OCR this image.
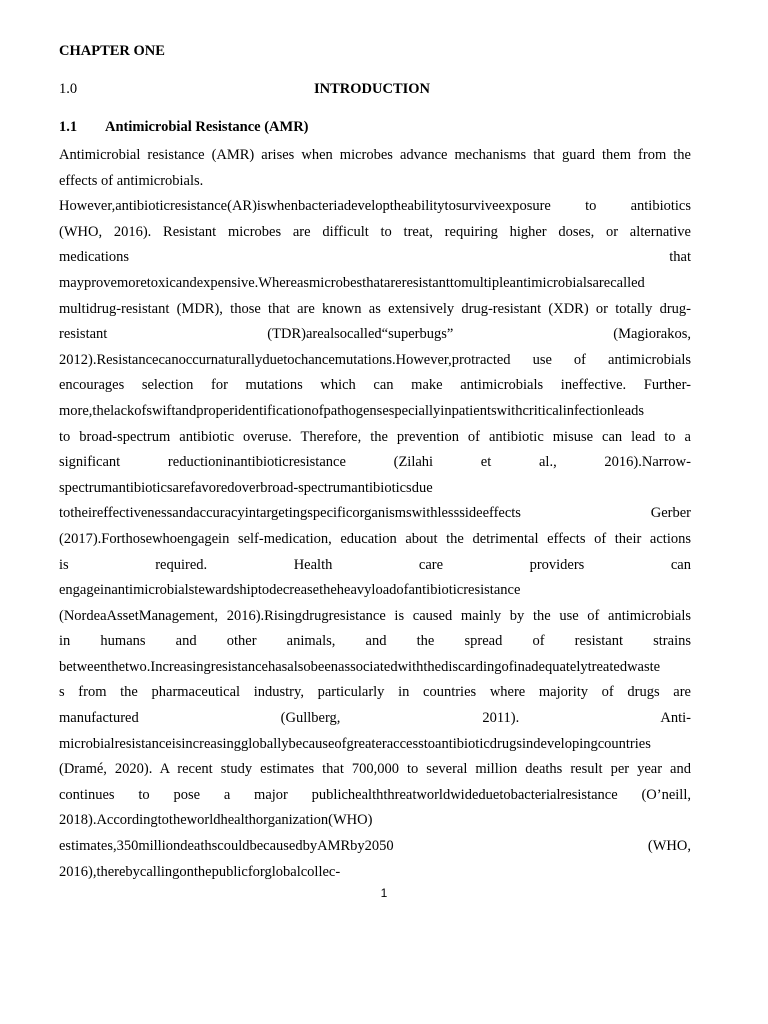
CHAPTER ONE
1.0	INTRODUCTION
1.1 Antimicrobial Resistance (AMR)
Antimicrobial resistance (AMR) arises when microbes advance mechanisms that guard them from the
effects of antimicrobials.
However,antibioticresistance(AR)iswhenbacteriadeveloptheabilitytosurviveexposure to antibiotics
(WHO, 2016). Resistant microbes are difficult to treat, requiring higher doses, or alternative
medications that
mayprovemoretoxicandexpensive.Whereasmicrobesthatareresistanttomultipleantimicrobialsarecalled
multidrug-resistant (MDR), those that are known as extensively drug-resistant (XDR) or totally drug-
resistant (TDR)arealsocalled“superbugs” (Magiorakos,
2012).Resistancecanoccurnaturallyduetochancemutations.However,protracted use of antimicrobials
encourages selection for mutations which can make antimicrobials ineffective. Further-
more,thelackofswiftandproperidentificationofpathogensespeciallyinpatientswithcriticalinfectionleads
to broad-spectrum antibiotic overuse. Therefore, the prevention of antibiotic misuse can lead to a
significant reductioninantibioticresistance (Zilahi et al., 2016).Narrow-
spectrumantibioticsarefavoredoverbroad-spectrumantibioticsdue
totheireffectivenessandaccuracyintargetingspecificorganismswithlesssideeffects Gerber
(2017).Forthosewhoengagein self-medication, education about the detrimental effects of their actions
is required. Health care providers can
engageinantimicrobialstewardshiptodecreasetheheavyloadofantibioticresistance
(NordeaAssetManagement, 2016).Risingdrugresistance is caused mainly by the use of antimicrobials
in humans and other animals, and the spread of resistant strains
betweenthetwo.Increasingresistancehasalsobeenassociatedwiththediscardingofinadequatelytreatedwaste
s from the pharmaceutical industry, particularly in countries where majority of drugs are
manufactured (Gullberg, 2011). Anti-
microbialresistanceisincreasinggloballybecauseofgreateraccesstoantibioticdrugsindevelopingcountries
(Dramé, 2020). A recent study estimates that 700,000 to several million deaths result per year and
continues to pose a major publichealththreatworldwideduetobacterialresistance (O’neill,
2018).Accordingtotheworldhealthorganization(WHO)
estimates,350milliondeathscouldbecausedbyAMRby2050 (WHO,
2016),therebycallingonthepublicforglobalcollec-
1
